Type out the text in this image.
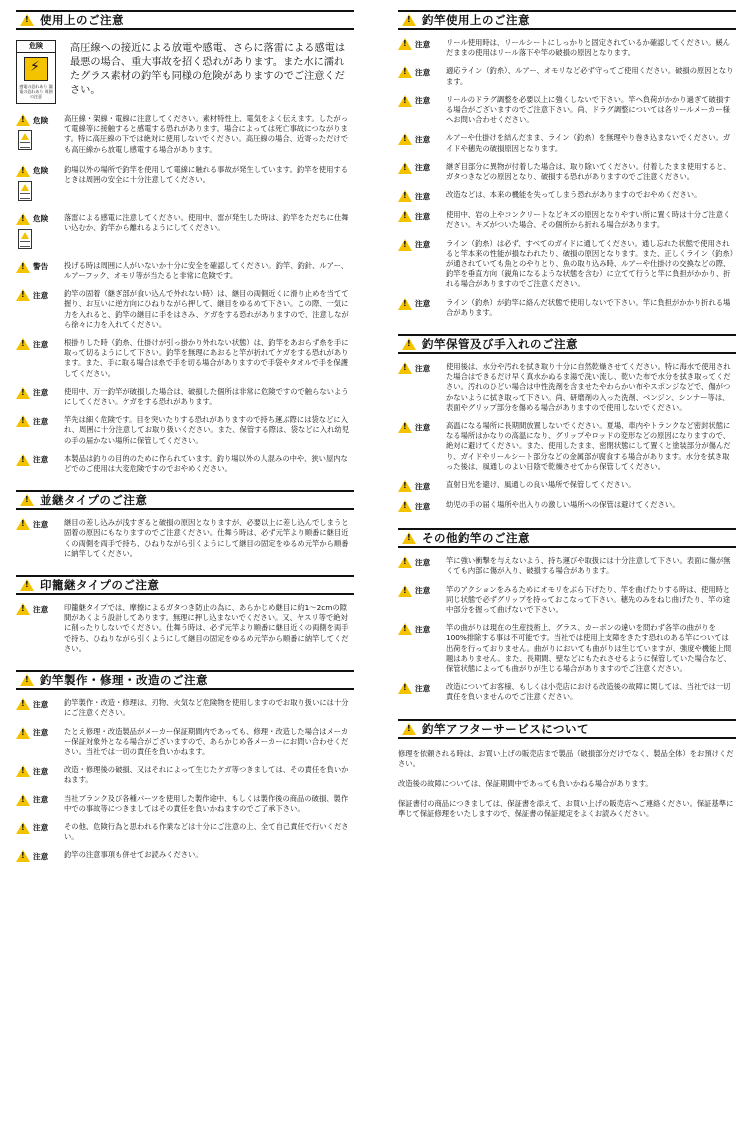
!
使用上のご注意
危険
⚡
感電の恐れあり 漏電の恐れあり 周囲の注意
高圧線への接近による放電や感電、さらに落雷による感電は最悪の場合、重大事故を招く恐れがあります。また水に濡れたグラス素材の釣竿も同様の危険がありますのでご注意ください。
!
危険 高圧線・架線・電線に注意してください。素材特性上、電気をよく伝えます。したがって電線等に接触すると感電する恐れがあります。場合によっては死亡事故につながります。特に高圧線の下では絶対に使用しないでください。高圧線の場合、近寄っただけでも高圧線から放電し感電する場合があります。
!
危険 釣場以外の場所で釣竿を使用して電線に触れる事故が発生しています。釣竿を使用するときは周囲の安全に十分注意してください。
!
危険 落雷による感電に注意してください。使用中、雷が発生した時は、釣竿をただちに仕舞い込むか、釣竿から離れるようにしてください。
!
警告 投げる時は周囲に人がいないか十分に安全を確認してください。釣竿、釣針、ルアー、ルアーフック、オモリ等が当たると非常に危険です。
!
注意 釣竿の固着（継ぎ部が食い込んで外れない時）は、継目の両側近くに滑り止めを当てて握り、お互いに逆方向にひねりながら押して、継目をゆるめて下さい。この際、一気に力を入れると、釣竿の継目に手をはさみ、ケガをする恐れがありますので、注意しながら徐々に力を入れてください。
!
注意 根掛りした時（釣糸、仕掛けが引っ掛かり外れない状態）は、釣竿をあおらず糸を手に取って切るようにして下さい。釣竿を無理にあおると竿が折れてケガをする恐れがあります。また、手に取る場合は糸で手を切る場合がありますので手袋やタオルで手を保護してください。
!
注意 使用中、万一釣竿が破損した場合は、破損した個所は非常に危険ですので触らないようにしてください。ケガをする恐れがあります。
!
注意 竿先は細く危険です。目を突いたりする恐れがありますので持ち運ぶ際には袋などに入れ、周囲に十分注意してお取り扱いください。また、保管する際は、袋などに入れ幼児の手の届かない場所に保管してください。
!
注意 本製品は釣りの目的のために作られています。釣り場以外の人混みの中や、狭い屋内などでのご使用は大変危険ですのでおやめください。
!
並継タイプのご注意
!
注意 継目の差し込みが浅すぎると破損の原因となりますが、必要以上に差し込んでしまうと固着の原因にもなりますのでご注意ください。仕舞う時は、必ず元竿より順番に継目近くの両側を両手で持ち、ひねりながら引くようにして継目の固定をゆるめ元竿から順番に納竿してください。
!
印籠継タイプのご注意
!
注意 印籠継タイプでは、摩擦によるガタつき防止の為に、あらかじめ継目に約1～2cmの隙間があくよう設計してあります。無理に押し込まないでください。又、ヤスリ等で絶対に削ったりしないでください。仕舞う時は、必ず元竿より順番に継目近くの両側を両手で持ち、ひねりながら引くようにして継目の固定をゆるめ元竿から順番に納竿してください。
!
釣竿製作・修理・改造のご注意
!
注意 釣竿製作・改造・修理は、刃物、火気など危険物を使用しますのでお取り扱いには十分にご注意ください。
!
注意 たとえ修理・改造製品がメーカー保証期間内であっても、修理・改造した場合はメーカー保証対象外となる場合がございますので、あらかじめ各メーカーにお問い合わせください。当社では一切の責任を負いかねます。
!
注意 改造・修理後の破損、又はそれによって生じたケガ等つきましては、その責任を負いかねます。
!
注意 当社ブランク及び各種パーツを使用した製作途中、もしくは製作後の商品の破損、製作中での事故等につきましてはその責任を負いかねますのでご了承下さい。
!
注意 その他、危険行為と思われる作業などは十分にご注意の上、全て自己責任で行いください。
!
注意 釣竿の注意事項も併せてお読みください。
!
釣竿使用上のご注意
!
注意 リール使用時は、リールシートにしっかりと固定されているか確認してください。緩んだままの使用はリール落下や竿の破損の原因となります。
!
注意 適応ライン（釣糸）、ルアー、オモリなど必ず守ってご使用ください。破損の原因となります。
!
注意 リールのドラグ調整を必要以上に強くしないで下さい。竿へ負荷がかかり過ぎて破損する場合がございますのでご注意下さい。尚、ドラグ調整については各リールメーカー様へお問い合わせください。
!
注意 ルアーや仕掛けを結んだまま、ライン（釣糸）を無理やり巻き込まないでください。ガイドや穂先の破損原因となります。
!
注意 継ぎ目部分に異物が付着した場合は、取り除いてください。付着したまま使用すると、ガタつきなどの原因となり、破損する恐れがありますのでご注意ください。
!
注意 改造などは、本来の機能を失ってしまう恐れがありますのでおやめください。
!
注意 使用中、岩の上やコンクリートなどキズの原因となりやすい所に置く時は十分ご注意ください。キズがついた場合、その個所から折れる場合があります。
!
注意 ライン（釣糸）は必ず、すべてのガイドに通してください。通し忘れた状態で使用されると竿本来の性能が損なわれたり、破損の原因となります。また、正しくライン（釣糸）が通されていても魚とのやりとり、魚の取り込み時、ルアーや仕掛けの交換などの際、釣竿を垂直方向（鋭角になるような状態を含む）に立てて行うと竿に負担がかかり、折れる場合がありますのでご注意ください。
!
注意 ライン（釣糸）が釣竿に絡んだ状態で使用しないで下さい。竿に負担がかかり折れる場合があります。
!
釣竿保管及び手入れのご注意
!
注意 使用後は、水分や汚れを拭き取り十分に自然乾燥させてください。特に海水で使用された場合はできるだけ早く真水かぬるま湯で洗い流し、乾いた布で水分を拭き取ってください。汚れのひどい場合は中性洗剤を含ませたやわらかい布やスポンジなどで、傷がつかないように拭き取って下さい。尚、研磨剤の入った洗剤、ベンジン、シンナー等は、表面やグリップ部分を傷める場合がありますので使用しないでください。
!
注意 高温になる場所に長期間放置しないでください。夏場、車内やトランクなど密封状態になる場所はかなりの高温になり、グリップやロッドの変形などの原因になりますので、絶対に避けてください。また、使用したまま、密閉状態にして置くと塗装部分が傷んだり、ガイドやリールシート部分などの金属部が腐食する場合があります。水分を拭き取った後は、風通しのよい日陰で乾燥させてから保管してください。
!
注意 直射日光を避け、風通しの良い場所で保管してください。
!
注意 幼児の手の届く場所や出入りの激しい場所への保管は避けてください。
!
その他釣竿のご注意
!
注意 竿に強い衝撃を与えないよう、持ち運びや取扱には十分注意して下さい。表面に傷が無くても内部に傷が入り、破損する場合があります。
!
注意 竿のアクションをみるためにオモリをぶら下げたり、竿を曲げたりする時は、使用時と同じ状態で必ずグリップを持っておこなって下さい。穂先のみをねじ曲げたり、竿の途中部分を握って曲げないで下さい。
!
注意 竿の曲がりは現在の生産技術上、グラス、カーボンの違いを問わず各竿の曲がりを100%排除する事は不可能です。当社では使用上支障をきたす恐れのある竿については出荷を行っておりません。曲がりにおいても曲がりは生じていますが、強度や機能上問題はありません。また、長期間、壁などにもたれさせるように保管していた場合など、保管状態によっても曲がりが生じる場合がありますのでご注意ください。
!
注意 改造についてお客様、もしくは小売店における改造後の故障に関しては、当社では一切責任を負いませんのでご注意ください。
!
釣竿アフターサービスについて
修理を依頼される時は、お買い上げの販売店まで製品（破損部分だけでなく、製品全体）をお預けください。
改造後の故障については、保証期間中であっても負いかねる場合があります。
保証書付の商品につきましては、保証書を添えて、お買い上げの販売店へご連絡ください。保証基準に準じて保証修理をいたしますので、保証書の保証規定をよくお読みください。
